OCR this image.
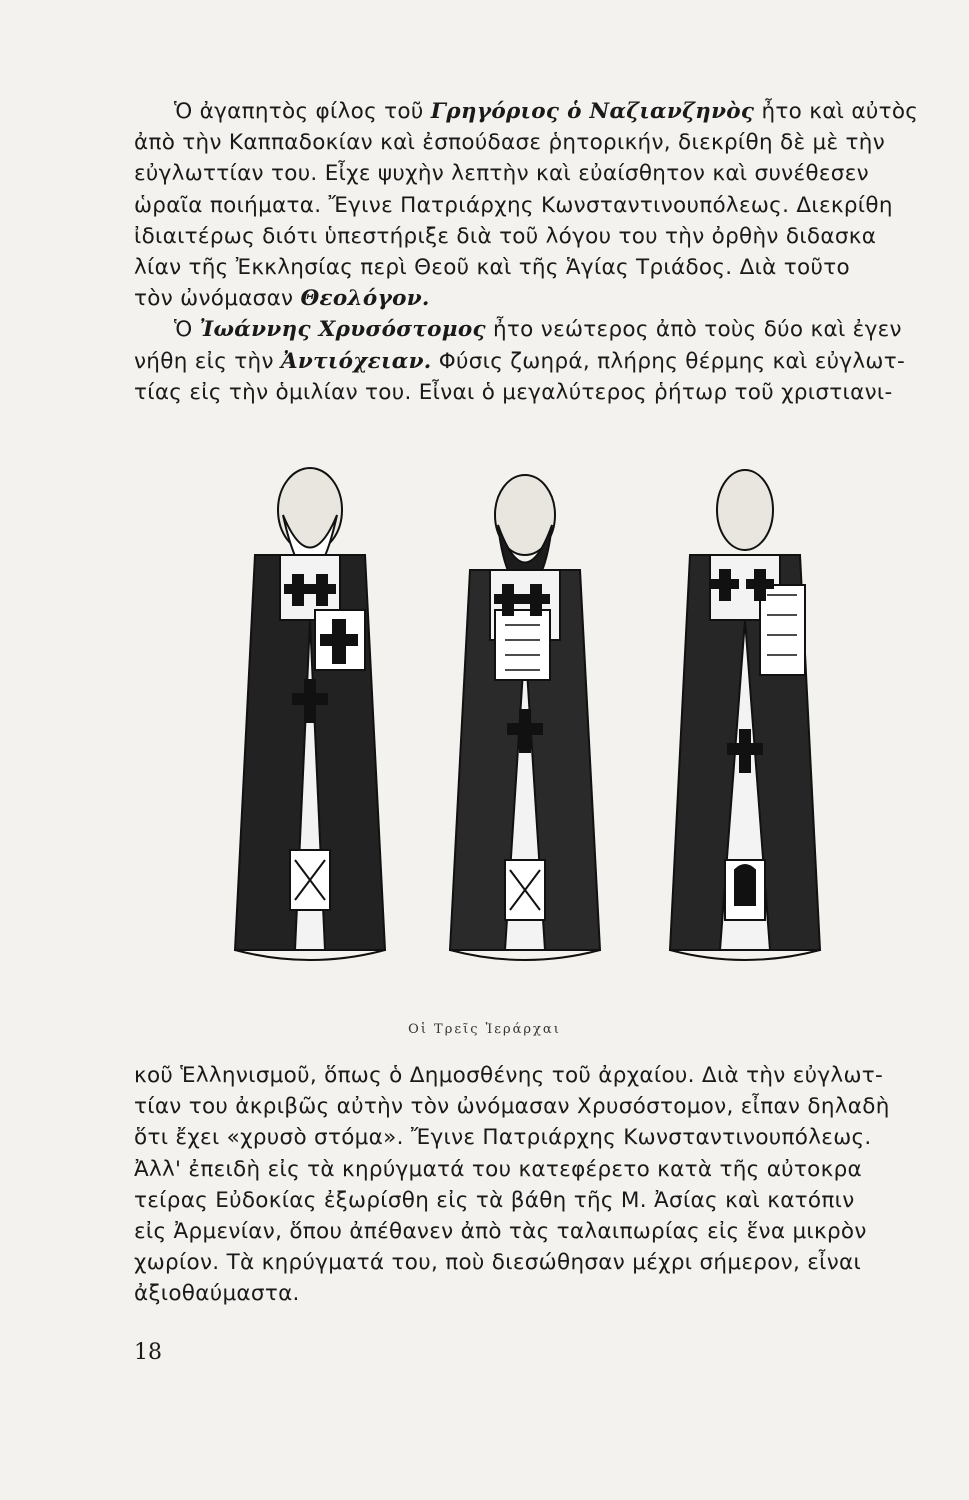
Ὁ ἀγαπητὸς φίλος τοῦ Γρηγόριος ὁ Ναζιανζηνὸς ἦτο καὶ αὐτὸς
ἀπὸ τὴν Καππαδοκίαν καὶ ἐσπούδασε ῥητορικήν, διεκρίθη δὲ μὲ τὴν
εὐγλωττίαν του. Εἶχε ψυχὴν λεπτὴν καὶ εὐαίσθητον καὶ συνέθεσεν
ὡραῖα ποιήματα. Ἔγινε Πατριάρχης Κωνσταντινουπόλεως. Διεκρίθη
ἰδιαιτέρως διότι ὑπεστήριξε διὰ τοῦ λόγου του τὴν ὀρθὴν διδασκα
λίαν τῆς Ἐκκλησίας περὶ Θεοῦ καὶ τῆς Ἁγίας Τριάδος. Διὰ τοῦτο
τὸν ὠνόμασαν Θεολόγον.
Ὁ Ἰωάννης Χρυσόστομος ἦτο νεώτερος ἀπὸ τοὺς δύο καὶ ἐγεν
νήθη εἰς τὴν Ἀντιόχειαν. Φύσις ζωηρά, πλήρης θέρμης καὶ εὐγλωτ-
τίας εἰς τὴν ὁμιλίαν του. Εἶναι ὁ μεγαλύτερος ῥήτωρ τοῦ χριστιανι-
Οἱ Τρεῖς Ἱεράρχαι
κοῦ Ἑλληνισμοῦ, ὅπως ὁ Δημοσθένης τοῦ ἀρχαίου. Διὰ τὴν εὐγλωτ-
τίαν του ἀκριβῶς αὐτὴν τὸν ὠνόμασαν Χρυσόστομον, εἶπαν δηλαδὴ
ὅτι ἔχει «χρυσὸ στόμα». Ἔγινε Πατριάρχης Κωνσταντινουπόλεως.
Ἀλλ' ἐπειδὴ εἰς τὰ κηρύγματά του κατεφέρετο κατὰ τῆς αὐτοκρα
τείρας Εὐδοκίας ἐξωρίσθη εἰς τὰ βάθη τῆς Μ. Ἀσίας καὶ κατόπιν
εἰς Ἀρμενίαν, ὅπου ἀπέθανεν ἀπὸ τὰς ταλαιπωρίας εἰς ἕνα μικρὸν
χωρίον. Τὰ κηρύγματά του, ποὺ διεσώθησαν μέχρι σήμερον, εἶναι
ἀξιοθαύμαστα.
18
